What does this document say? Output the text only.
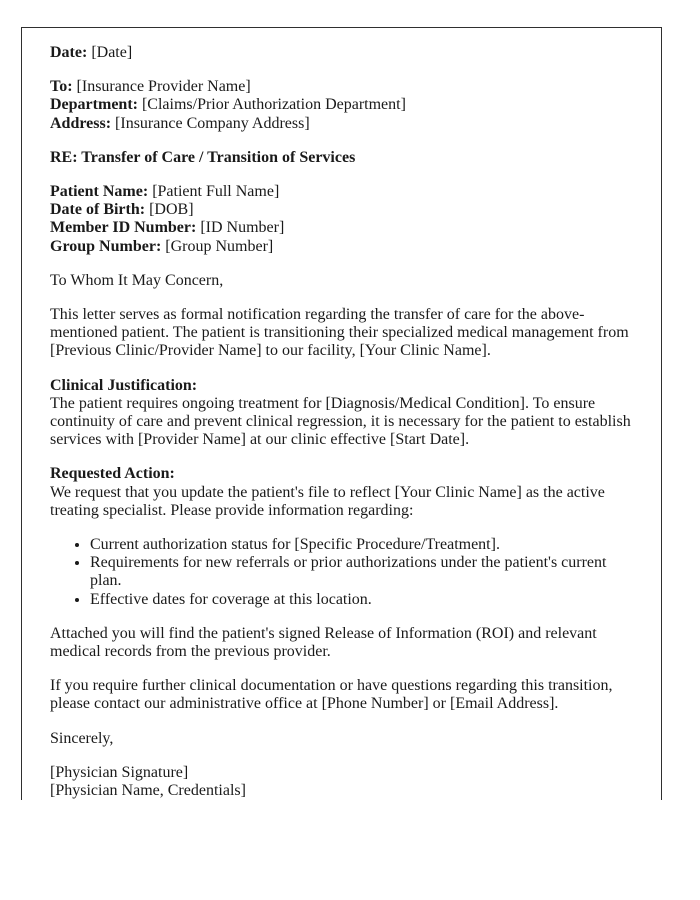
Date: [Date]

To: [Insurance Provider Name]
Department: [Claims/Prior Authorization Department]
Address: [Insurance Company Address]

RE: Transfer of Care / Transition of Services

Patient Name: [Patient Full Name]
Date of Birth: [DOB]
Member ID Number: [ID Number]
Group Number: [Group Number]

To Whom It May Concern,

This letter serves as formal notification regarding the transfer of care for the above-mentioned patient. The patient is transitioning their specialized medical management from [Previous Clinic/Provider Name] to our facility, [Your Clinic Name].

Clinical Justification:
The patient requires ongoing treatment for [Diagnosis/Medical Condition]. To ensure continuity of care and prevent clinical regression, it is necessary for the patient to establish services with [Provider Name] at our clinic effective [Start Date].

Requested Action:
We request that you update the patient's file to reflect [Your Clinic Name] as the active treating specialist. Please provide information regarding:

• Current authorization status for [Specific Procedure/Treatment].
• Requirements for new referrals or prior authorizations under the patient's current plan.
• Effective dates for coverage at this location.

Attached you will find the patient's signed Release of Information (ROI) and relevant medical records from the previous provider.

If you require further clinical documentation or have questions regarding this transition, please contact our administrative office at [Phone Number] or [Email Address].

Sincerely,

[Physician Signature]
[Physician Name, Credentials]
